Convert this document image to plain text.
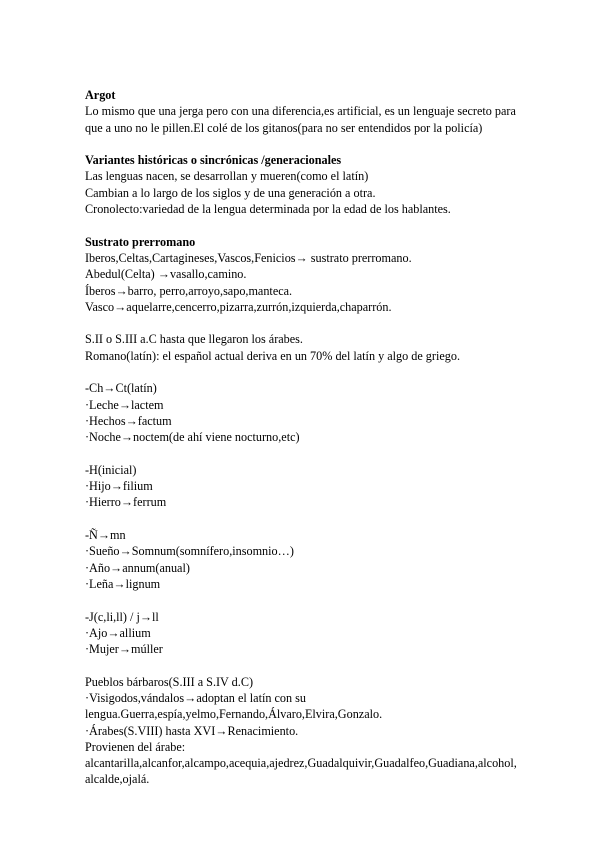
Argot
Lo mismo que una jerga pero con una diferencia,es artificial, es un lenguaje secreto para
que a uno no le pillen.El colé de los gitanos(para no ser entendidos por la policía)
Variantes históricas o sincrónicas /generacionales
Las lenguas nacen, se desarrollan y mueren(como el latín)
Cambian a lo largo de los siglos y de una generación a otra.
Cronolecto:variedad de la lengua determinada por la edad de los hablantes.
Sustrato prerromano
Iberos,Celtas,Cartagineses,Vascos,Fenicios→ sustrato prerromano.
Abedul(Celta) →vasallo,camino.
Íberos→barro, perro,arroyo,sapo,manteca.
Vasco→aquelarre,cencerro,pizarra,zurrón,izquierda,chaparrón.
S.II o S.III a.C hasta que llegaron los árabes.
Romano(latín): el español actual deriva en un 70% del latín y algo de griego.
-Ch→Ct(latín)
·Leche→lactem
·Hechos→factum
·Noche→noctem(de ahí viene nocturno,etc)
-H(inicial)
·Hijo→filium
·Hierro→ferrum
-Ñ→mn
·Sueño→Somnum(somnífero,insomnio…)
·Año→annum(anual)
·Leña→lignum
-J(c,li,ll) / j→ll
·Ajo→allium
·Mujer→múller
Pueblos bárbaros(S.III a S.IV d.C)
·Visigodos,vándalos→adoptan el latín con su
lengua.Guerra,espía,yelmo,Fernando,Álvaro,Elvira,Gonzalo.
·Árabes(S.VIII) hasta XVI→Renacimiento.
Provienen del árabe:
alcantarilla,alcanfor,alcampo,acequia,ajedrez,Guadalquivir,Guadalfeo,Guadiana,alcohol,
alcalde,ojalá.
